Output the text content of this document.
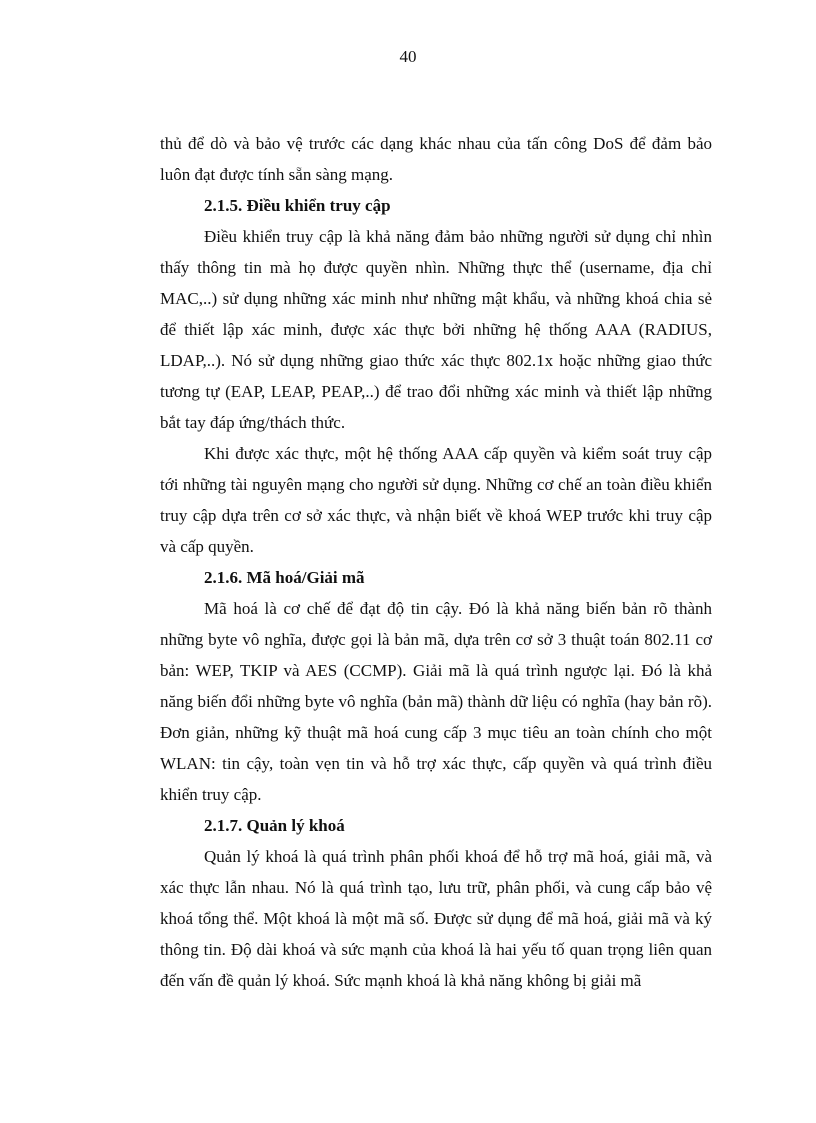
40

thủ để dò và bảo vệ trước các dạng khác nhau của tấn công DoS để đảm bảo luôn đạt được tính sẵn sàng mạng.

2.1.5. Điều khiển truy cập

Điều khiển truy cập là khả năng đảm bảo những người sử dụng chỉ nhìn thấy thông tin mà họ được quyền nhìn. Những thực thể (username, địa chỉ MAC,..) sử dụng những xác minh như những mật khẩu, và những khoá chia sẻ để thiết lập xác minh, được xác thực bởi những hệ thống AAA (RADIUS, LDAP,..). Nó sử dụng những giao thức xác thực 802.1x hoặc những giao thức tương tự (EAP, LEAP, PEAP,..) để trao đổi những xác minh và thiết lập những bắt tay đáp ứng/thách thức.

Khi được xác thực, một hệ thống AAA cấp quyền và kiểm soát truy cập tới những tài nguyên mạng cho người sử dụng. Những cơ chế an toàn điều khiển truy cập dựa trên cơ sở xác thực, và nhận biết về khoá WEP trước khi truy cập và cấp quyền.

2.1.6. Mã hoá/Giải mã

Mã hoá là cơ chế để đạt độ tin cậy. Đó là khả năng biến bản rõ thành những byte vô nghĩa, được gọi là bản mã, dựa trên cơ sở 3 thuật toán 802.11 cơ bản: WEP, TKIP và AES (CCMP). Giải mã là quá trình ngược lại. Đó là khả năng biến đổi những byte vô nghĩa (bản mã) thành dữ liệu có nghĩa (hay bản rõ). Đơn giản, những kỹ thuật mã hoá cung cấp 3 mục tiêu an toàn chính cho một WLAN: tin cậy, toàn vẹn tin và hỗ trợ xác thực, cấp quyền và quá trình điều khiển truy cập.

2.1.7. Quản lý khoá

Quản lý khoá là quá trình phân phối khoá để hỗ trợ mã hoá, giải mã, và xác thực lẫn nhau. Nó là quá trình tạo, lưu trữ, phân phối, và cung cấp bảo vệ khoá tổng thể. Một khoá là một mã số. Được sử dụng để mã hoá, giải mã và ký thông tin. Độ dài khoá và sức mạnh của khoá là hai yếu tố quan trọng liên quan đến vấn đề quản lý khoá. Sức mạnh khoá là khả năng không bị giải mã
